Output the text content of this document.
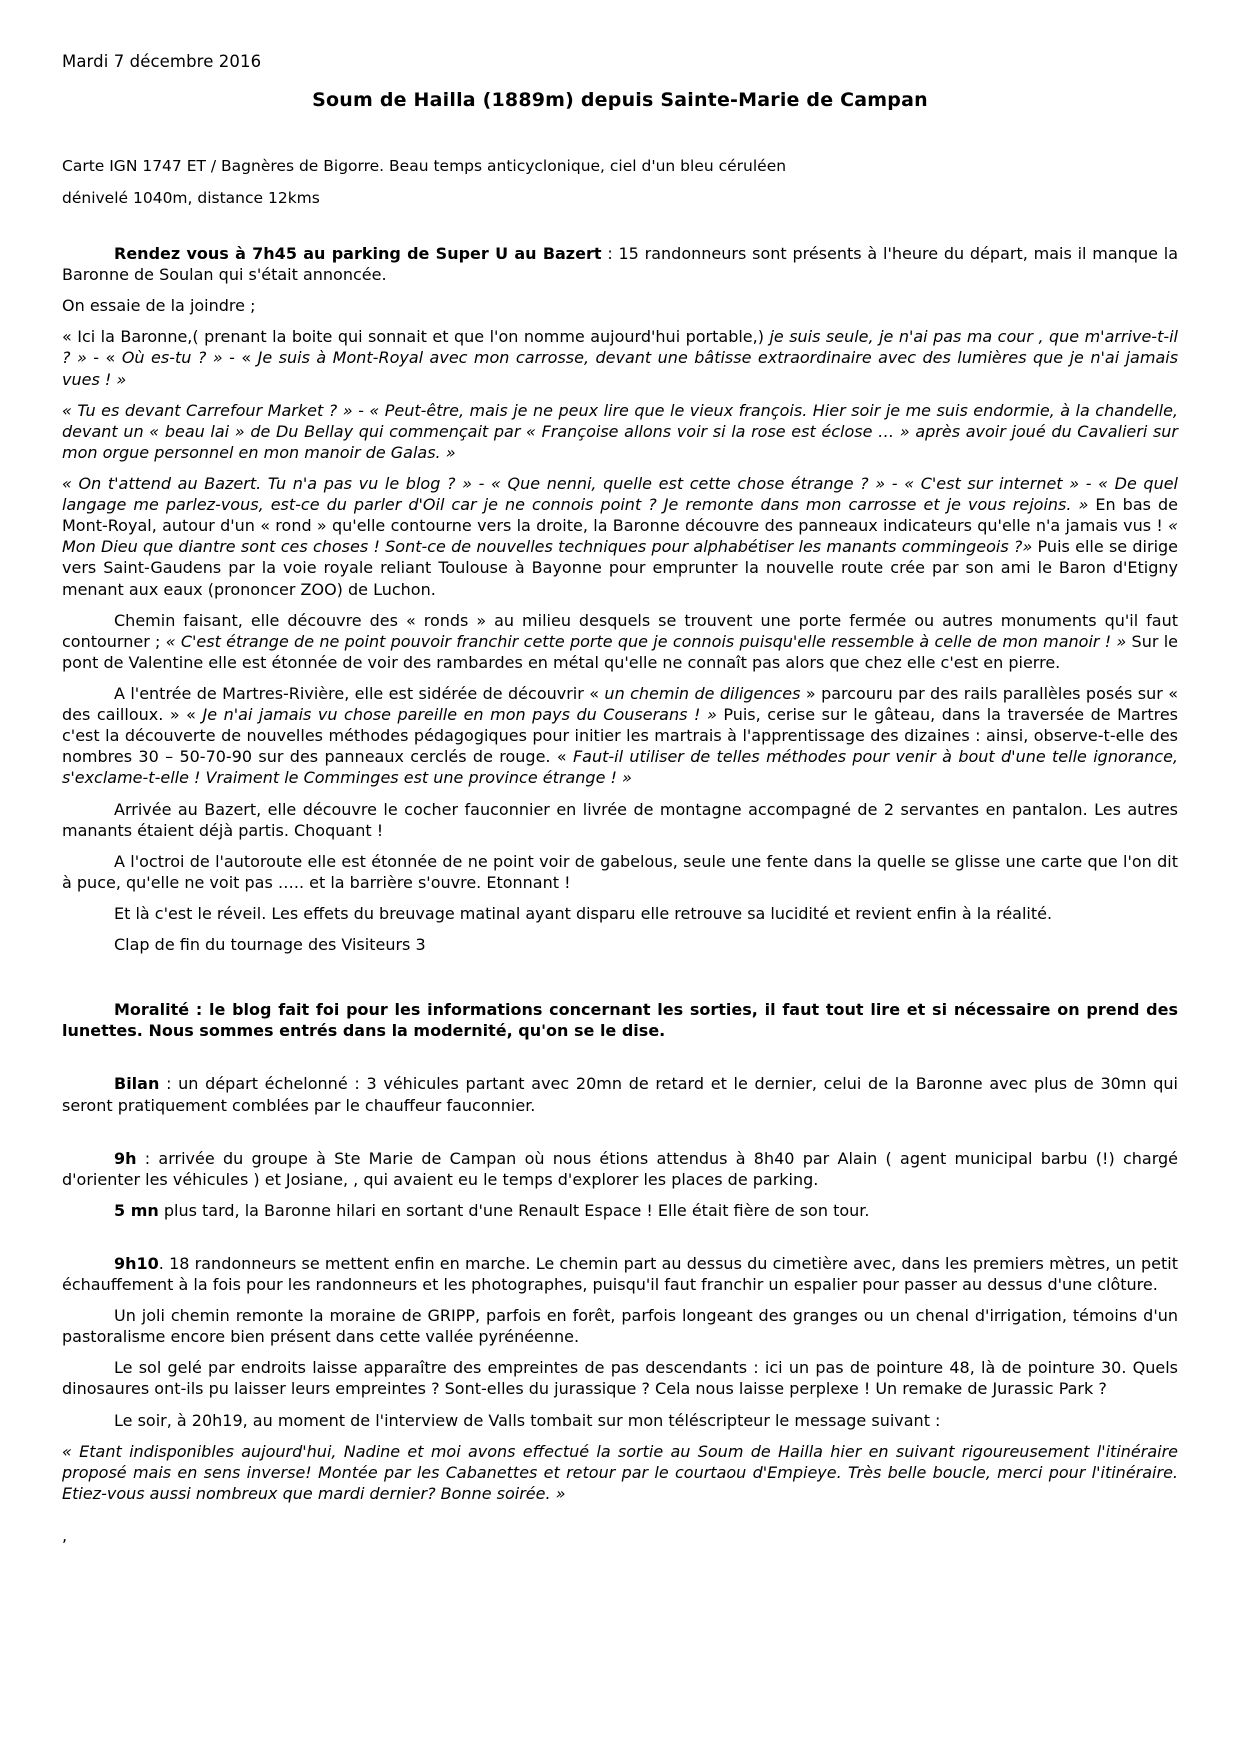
Mardi 7 décembre 2016
Soum de Hailla (1889m) depuis Sainte-Marie de Campan
Carte IGN 1747 ET / Bagnères de Bigorre. Beau temps anticyclonique, ciel d'un bleu céruléen
dénivelé 1040m, distance 12kms

Rendez vous à 7h45 au parking de Super U au Bazert : 15 randonneurs sont présents à l'heure du départ, mais il manque la Baronne de Soulan qui s'était annoncée.

On essaie de la joindre ;

« Ici la Baronne,( prenant la boite qui sonnait et que l'on nomme aujourd'hui portable,) je suis seule, je n'ai pas ma cour , que m'arrive-t-il ? » - « Où es-tu ? » - « Je suis à Mont-Royal avec mon carrosse, devant une bâtisse extraordinaire avec des lumières que je n'ai jamais vues ! »

« Tu es devant Carrefour Market ? » - « Peut-être, mais je ne peux lire que le vieux françois. Hier soir je me suis endormie, à la chandelle, devant un « beau lai » de Du Bellay qui commençait par « Françoise allons voir si la rose est éclose … » après avoir joué du Cavalieri sur mon orgue personnel en mon manoir de Galas. »

« On t'attend au Bazert. Tu n'a pas vu le blog ? » - « Que nenni, quelle est cette chose étrange ? » - « C'est sur internet » - « De quel langage me parlez-vous, est-ce du parler d'Oil car je ne connois point ? Je remonte dans mon carrosse et je vous rejoins. » En bas de Mont-Royal, autour d'un « rond » qu'elle contourne vers la droite, la Baronne découvre des panneaux indicateurs qu'elle n'a jamais vus ! « Mon Dieu que diantre sont ces choses ! Sont-ce de nouvelles techniques pour alphabétiser les manants commingeois ?» Puis elle se dirige vers Saint-Gaudens par la voie royale reliant Toulouse à Bayonne pour emprunter la nouvelle route crée par son ami le Baron d'Etigny menant aux eaux (prononcer ZOO) de Luchon.

Chemin faisant, elle découvre des « ronds » au milieu desquels se trouvent une porte fermée ou autres monuments qu'il faut contourner ; « C'est étrange de ne point pouvoir franchir cette porte que je connois puisqu'elle ressemble à celle de mon manoir ! » Sur le pont de Valentine elle est étonnée de voir des rambardes en métal qu'elle ne connaît pas alors que chez elle c'est en pierre.

A l'entrée de Martres-Rivière, elle est sidérée de découvrir « un chemin de diligences » parcouru par des rails parallèles posés sur « des cailloux. » « Je n'ai jamais vu chose pareille en mon pays du Couserans ! » Puis, cerise sur le gâteau, dans la traversée de Martres c'est la découverte de nouvelles méthodes pédagogiques pour initier les martrais à l'apprentissage des dizaines : ainsi, observe-t-elle des nombres 30 – 50-70-90 sur des panneaux cerclés de rouge. « Faut-il utiliser de telles méthodes pour venir à bout d'une telle ignorance, s'exclame-t-elle ! Vraiment le Comminges est une province étrange ! »

Arrivée au Bazert, elle découvre le cocher fauconnier en livrée de montagne accompagné de 2 servantes en pantalon. Les autres manants étaient déjà partis. Choquant !

A l'octroi de l'autoroute elle est étonnée de ne point voir de gabelous, seule une fente dans la quelle se glisse une carte que l'on dit à puce, qu'elle ne voit pas ….. et la barrière s'ouvre. Etonnant !

Et là c'est le réveil. Les effets du breuvage matinal ayant disparu elle retrouve sa lucidité et revient enfin à la réalité.

Clap de fin du tournage des Visiteurs 3

Moralité : le blog fait foi pour les informations concernant les sorties, il faut tout lire et si nécessaire on prend des lunettes. Nous sommes entrés dans la modernité, qu'on se le dise.

Bilan : un départ échelonné : 3 véhicules partant avec 20mn de retard et le dernier, celui de la Baronne avec plus de 30mn qui seront pratiquement comblées par le chauffeur fauconnier.

9h : arrivée du groupe à Ste Marie de Campan où nous étions attendus à 8h40 par Alain ( agent municipal barbu (!) chargé d'orienter les véhicules ) et Josiane, , qui avaient eu le temps d'explorer les places de parking.

5 mn plus tard, la Baronne hilari en sortant d'une Renault Espace ! Elle était fière de son tour.

9h10. 18 randonneurs se mettent enfin en marche. Le chemin part au dessus du cimetière avec, dans les premiers mètres, un petit échauffement à la fois pour les randonneurs et les photographes, puisqu'il faut franchir un espalier pour passer au dessus d'une clôture.

Un joli chemin remonte la moraine de GRIPP, parfois en forêt, parfois longeant des granges ou un chenal d'irrigation, témoins d'un pastoralisme encore bien présent dans cette vallée pyrénéenne.

Le sol gelé par endroits laisse apparaître des empreintes de pas descendants : ici un pas de pointure 48, là de pointure 30. Quels dinosaures ont-ils pu laisser leurs empreintes ? Sont-elles du jurassique ? Cela nous laisse perplexe ! Un remake de Jurassic Park ?

Le soir, à 20h19, au moment de l'interview de Valls tombait sur mon téléscripteur le message suivant :

« Etant indisponibles aujourd'hui, Nadine et moi avons effectué la sortie au Soum de Hailla hier en suivant rigoureusement l'itinéraire proposé mais en sens inverse! Montée par les Cabanettes et retour par le courtaou d'Empieye. Très belle boucle, merci pour l'itinéraire. Etiez-vous aussi nombreux que mardi dernier? Bonne soirée. »

,
